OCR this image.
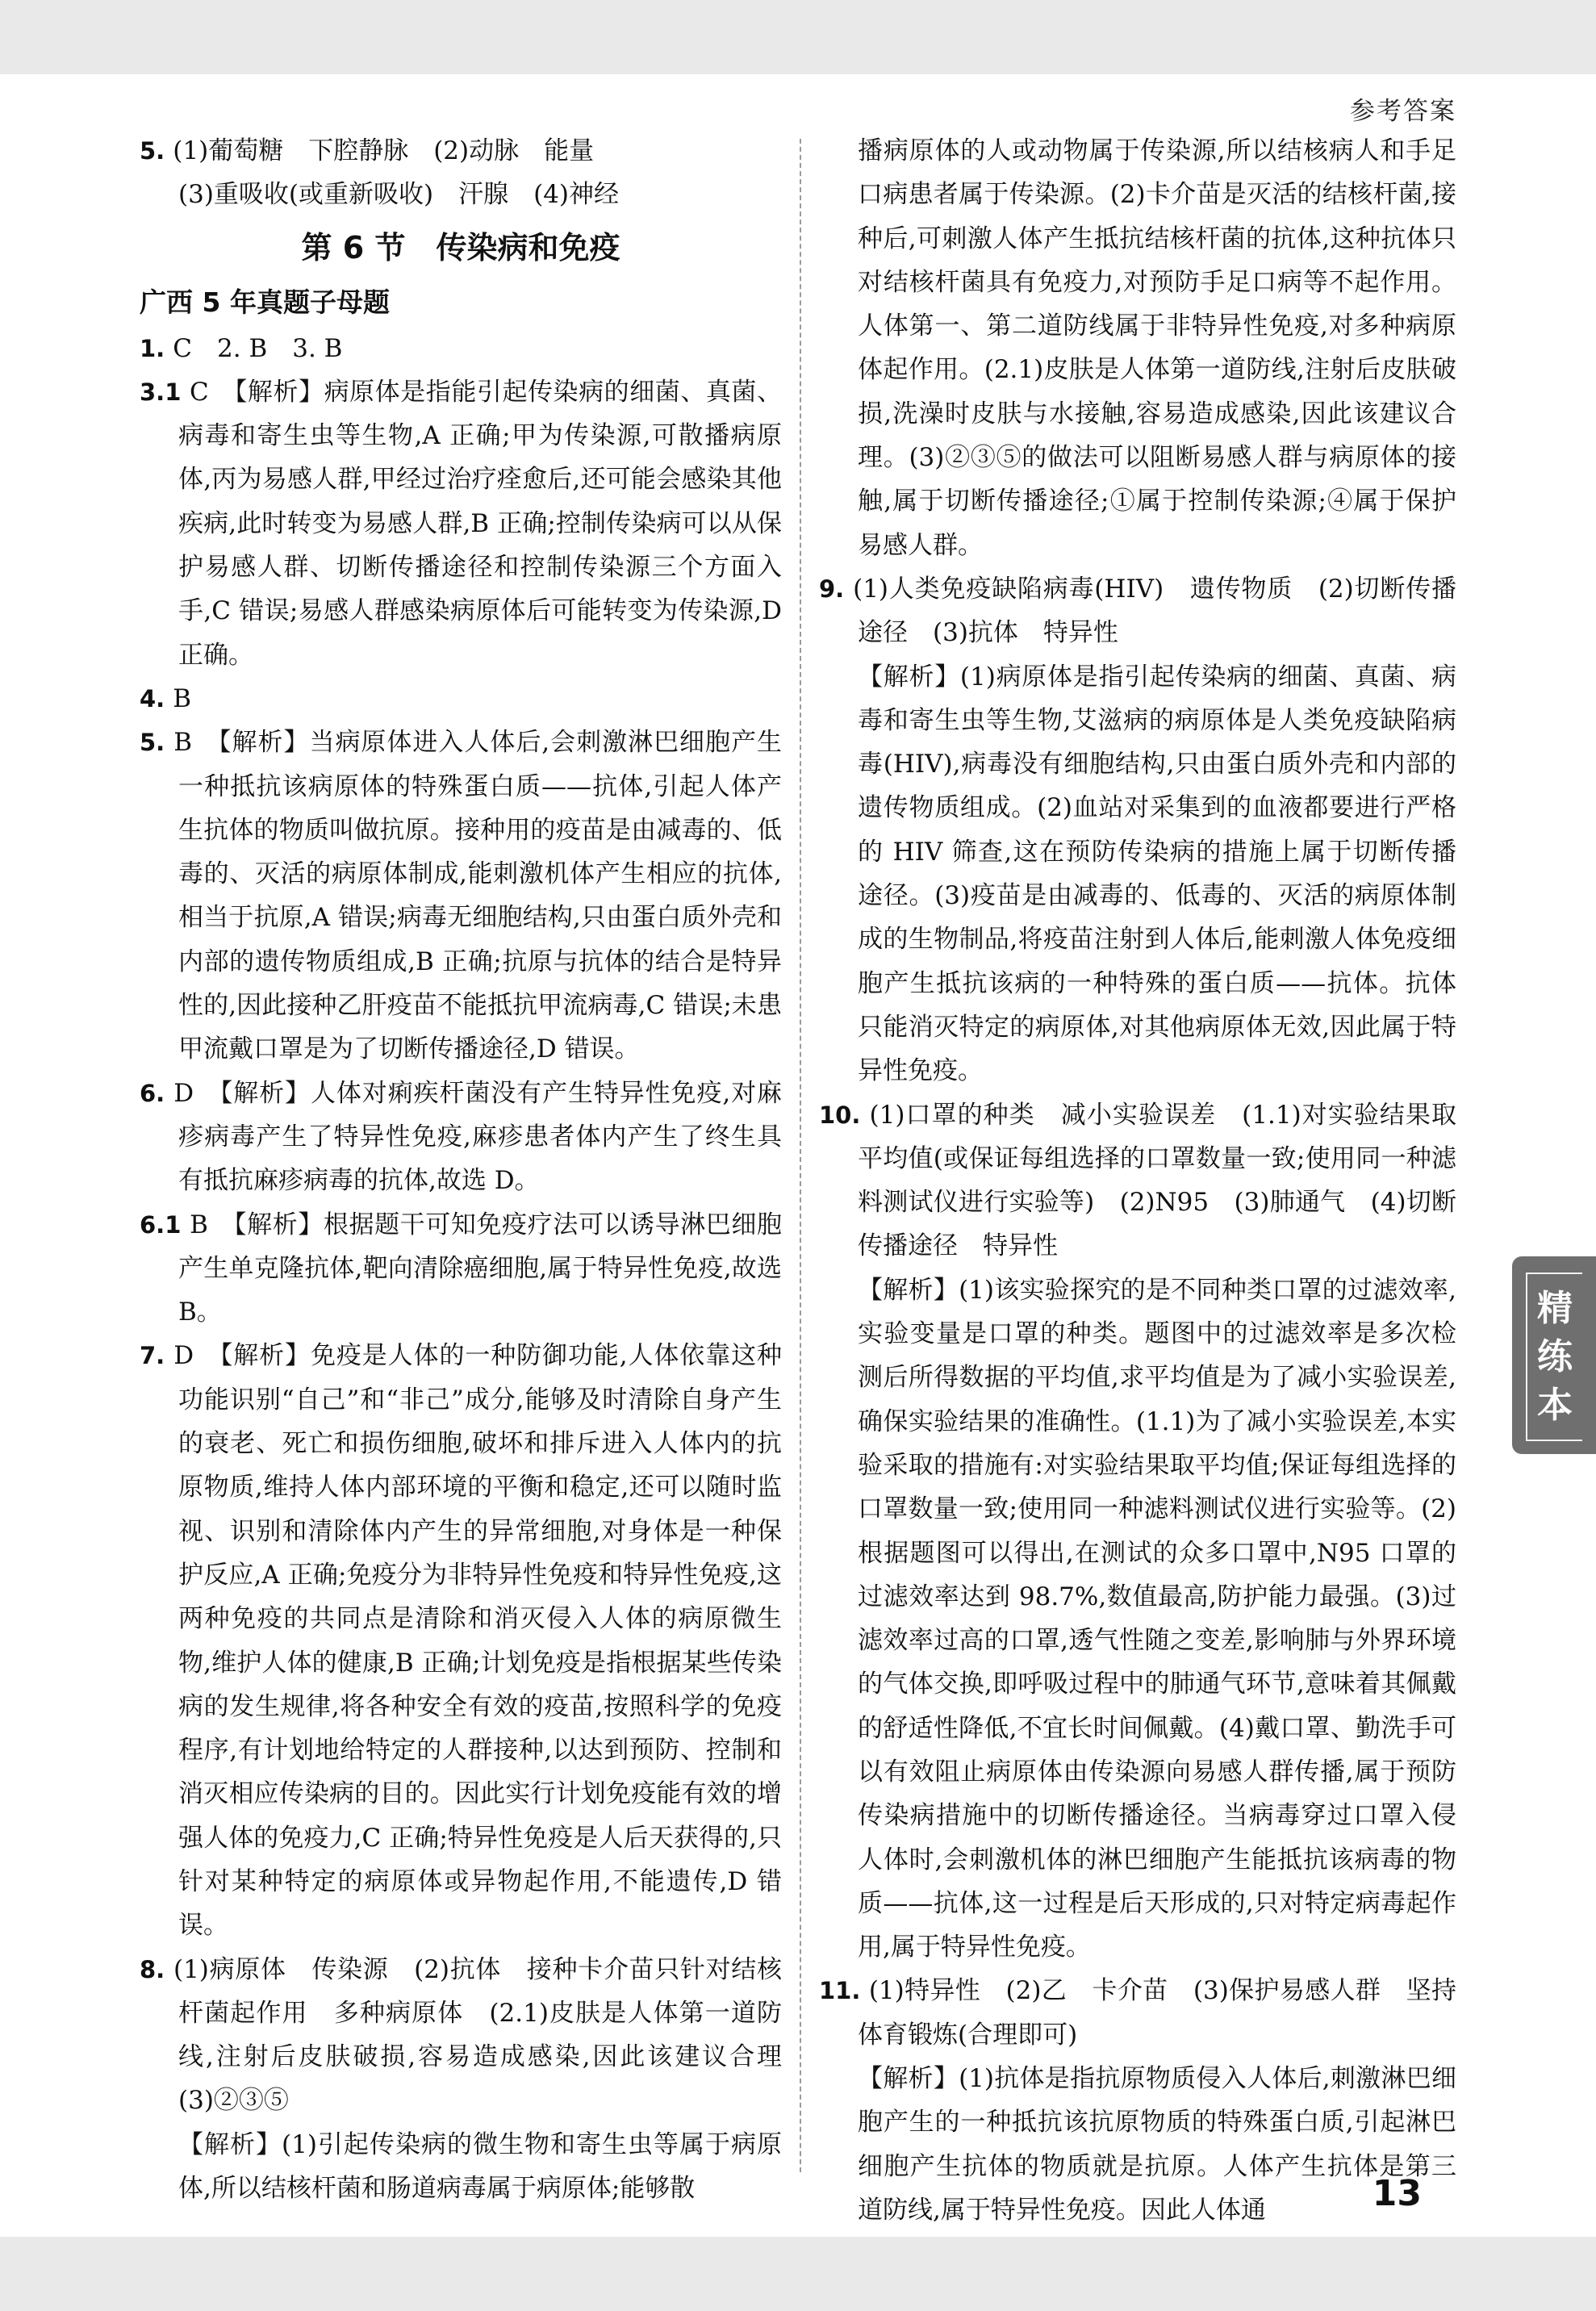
参考答案
5. (1)葡萄糖　下腔静脉　(2)动脉　能量
(3)重吸收(或重新吸收)　汗腺　(4)神经
第 6 节　传染病和免疫
广西 5 年真题子母题
1. C　2. B　3. B
3.1 C　【解析】病原体是指能引起传染病的细菌、真菌、病毒和寄生虫等生物,A 正确;甲为传染源,可散播病原体,丙为易感人群,甲经过治疗痊愈后,还可能会感染其他疾病,此时转变为易感人群,B 正确;控制传染病可以从保护易感人群、切断传播途径和控制传染源三个方面入手,C 错误;易感人群感染病原体后可能转变为传染源,D 正确。
4. B
5. B　【解析】当病原体进入人体后,会刺激淋巴细胞产生一种抵抗该病原体的特殊蛋白质——抗体,引起人体产生抗体的物质叫做抗原。接种用的疫苗是由减毒的、低毒的、灭活的病原体制成,能刺激机体产生相应的抗体,相当于抗原,A 错误;病毒无细胞结构,只由蛋白质外壳和内部的遗传物质组成,B 正确;抗原与抗体的结合是特异性的,因此接种乙肝疫苗不能抵抗甲流病毒,C 错误;未患甲流戴口罩是为了切断传播途径,D 错误。
6. D　【解析】人体对痢疾杆菌没有产生特异性免疫,对麻疹病毒产生了特异性免疫,麻疹患者体内产生了终生具有抵抗麻疹病毒的抗体,故选 D。
6.1 B　【解析】根据题干可知免疫疗法可以诱导淋巴细胞产生单克隆抗体,靶向清除癌细胞,属于特异性免疫,故选 B。
7. D　【解析】免疫是人体的一种防御功能,人体依靠这种功能识别“自己”和“非己”成分,能够及时清除自身产生的衰老、死亡和损伤细胞,破坏和排斥进入人体内的抗原物质,维持人体内部环境的平衡和稳定,还可以随时监视、识别和清除体内产生的异常细胞,对身体是一种保护反应,A 正确;免疫分为非特异性免疫和特异性免疫,这两种免疫的共同点是清除和消灭侵入人体的病原微生物,维护人体的健康,B 正确;计划免疫是指根据某些传染病的发生规律,将各种安全有效的疫苗,按照科学的免疫程序,有计划地给特定的人群接种,以达到预防、控制和消灭相应传染病的目的。因此实行计划免疫能有效的增强人体的免疫力,C 正确;特异性免疫是人后天获得的,只针对某种特定的病原体或异物起作用,不能遗传,D 错误。
8. (1)病原体　传染源　(2)抗体　接种卡介苗只针对结核杆菌起作用　多种病原体　(2.1)皮肤是人体第一道防线,注射后皮肤破损,容易造成感染,因此该建议合理　(3)②③⑤
【解析】(1)引起传染病的微生物和寄生虫等属于病原体,所以结核杆菌和肠道病毒属于病原体;能够散
播病原体的人或动物属于传染源,所以结核病人和手足口病患者属于传染源。(2)卡介苗是灭活的结核杆菌,接种后,可刺激人体产生抵抗结核杆菌的抗体,这种抗体只对结核杆菌具有免疫力,对预防手足口病等不起作用。人体第一、第二道防线属于非特异性免疫,对多种病原体起作用。(2.1)皮肤是人体第一道防线,注射后皮肤破损,洗澡时皮肤与水接触,容易造成感染,因此该建议合理。(3)②③⑤的做法可以阻断易感人群与病原体的接触,属于切断传播途径;①属于控制传染源;④属于保护易感人群。
9. (1)人类免疫缺陷病毒(HIV)　遗传物质　(2)切断传播途径　(3)抗体　特异性
【解析】(1)病原体是指引起传染病的细菌、真菌、病毒和寄生虫等生物,艾滋病的病原体是人类免疫缺陷病毒(HIV),病毒没有细胞结构,只由蛋白质外壳和内部的遗传物质组成。(2)血站对采集到的血液都要进行严格的 HIV 筛查,这在预防传染病的措施上属于切断传播途径。(3)疫苗是由减毒的、低毒的、灭活的病原体制成的生物制品,将疫苗注射到人体后,能刺激人体免疫细胞产生抵抗该病的一种特殊的蛋白质——抗体。抗体只能消灭特定的病原体,对其他病原体无效,因此属于特异性免疫。
10. (1)口罩的种类　减小实验误差　(1.1)对实验结果取平均值(或保证每组选择的口罩数量一致;使用同一种滤料测试仪进行实验等)　(2)N95　(3)肺通气　(4)切断传播途径　特异性
【解析】(1)该实验探究的是不同种类口罩的过滤效率,实验变量是口罩的种类。题图中的过滤效率是多次检测后所得数据的平均值,求平均值是为了减小实验误差,确保实验结果的准确性。(1.1)为了减小实验误差,本实验采取的措施有:对实验结果取平均值;保证每组选择的口罩数量一致;使用同一种滤料测试仪进行实验等。(2)根据题图可以得出,在测试的众多口罩中,N95 口罩的过滤效率达到 98.7%,数值最高,防护能力最强。(3)过滤效率过高的口罩,透气性随之变差,影响肺与外界环境的气体交换,即呼吸过程中的肺通气环节,意味着其佩戴的舒适性降低,不宜长时间佩戴。(4)戴口罩、勤洗手可以有效阻止病原体由传染源向易感人群传播,属于预防传染病措施中的切断传播途径。当病毒穿过口罩入侵人体时,会刺激机体的淋巴细胞产生能抵抗该病毒的物质——抗体,这一过程是后天形成的,只对特定病毒起作用,属于特异性免疫。
11. (1)特异性　(2)乙　卡介苗　(3)保护易感人群　坚持体育锻炼(合理即可)
【解析】(1)抗体是指抗原物质侵入人体后,刺激淋巴细胞产生的一种抵抗该抗原物质的特殊蛋白质,引起淋巴细胞产生抗体的物质就是抗原。人体产生抗体是第三道防线,属于特异性免疫。因此人体通
精
练
本
13
